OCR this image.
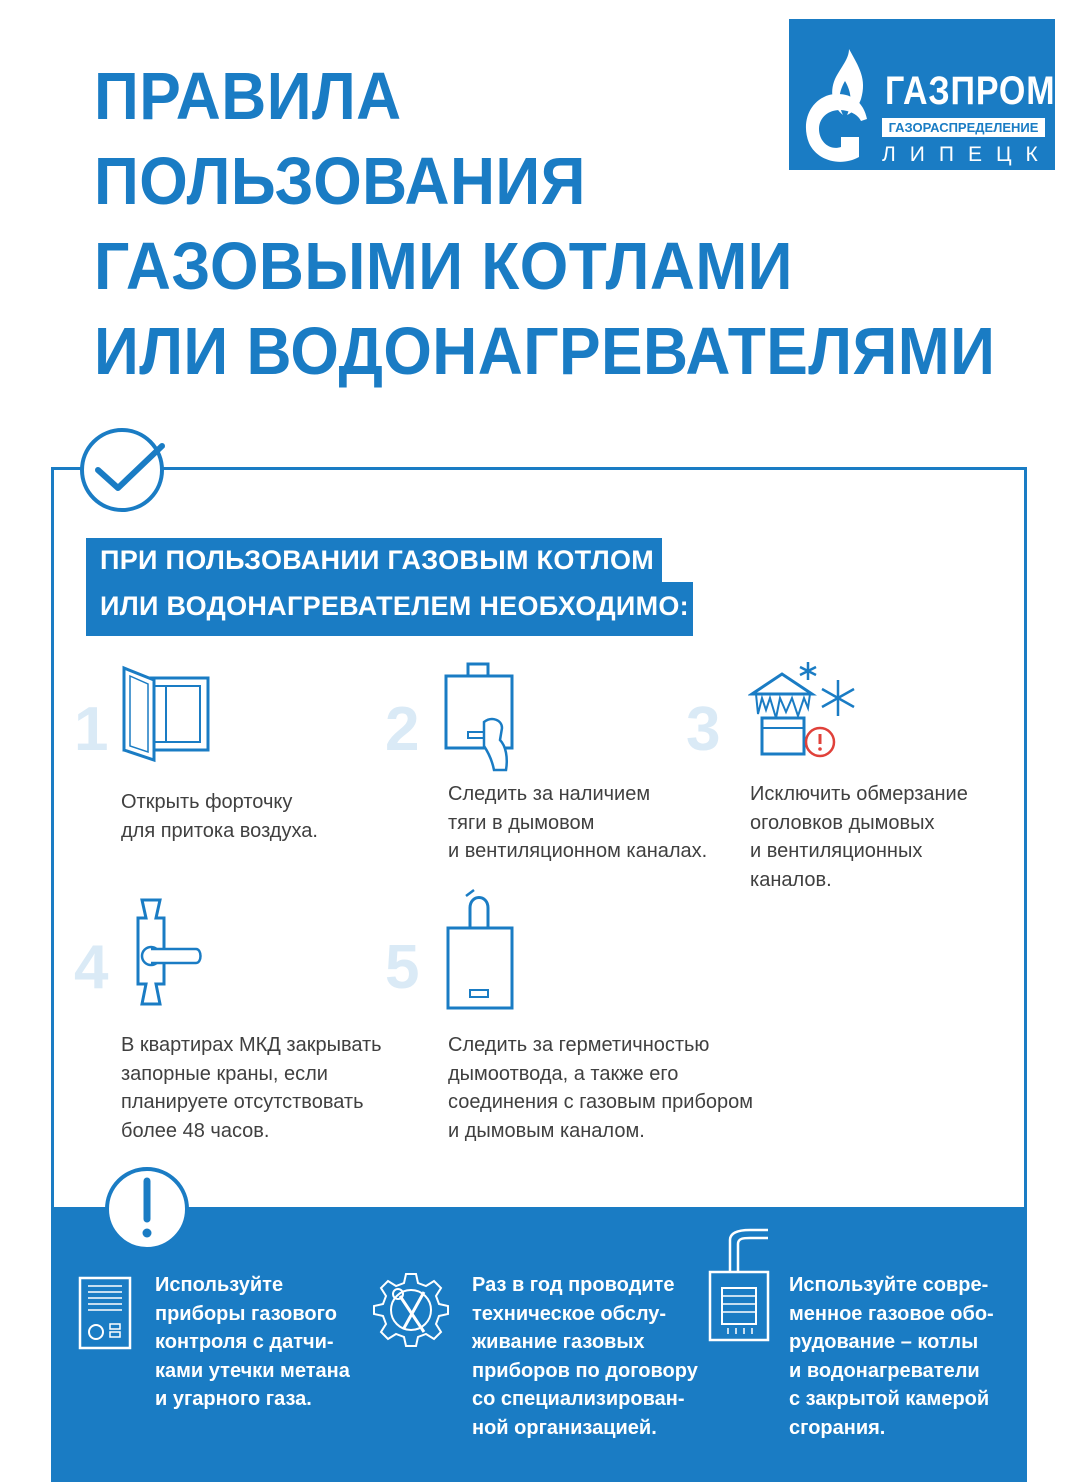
ПРАВИЛА
ПОЛЬЗОВАНИЯ
ГАЗОВЫМИ КОТЛАМИ
ИЛИ ВОДОНАГРЕВАТЕЛЯМИ
ГАЗПРОМ
ГАЗОРАСПРЕДЕЛЕНИЕ
ЛИПЕЦК
ПРИ ПОЛЬЗОВАНИИ ГАЗОВЫМ КОТЛОМ
ИЛИ ВОДОНАГРЕВАТЕЛЕМ НЕОБХОДИМО:
1
Открыть форточку
для притока воздуха.
2
Следить за наличием
тяги в дымовом
и вентиляционном каналах.
3
Исключить обмерзание
оголовков дымовых
и вентиляционных
каналов.
4
В квартирах МКД закрывать
запорные краны, если
планируете отсутствовать
более 48 часов.
5
Следить за герметичностью
дымоотвода, а также его
соединения с газовым прибором
и дымовым каналом.
Используйте
приборы газового
контроля с датчи-
ками утечки метана
и угарного газа.
Раз в год проводите
техническое обслу-
живание газовых
приборов по договору
со специализирован-
ной организацией.
Используйте совре-
менное газовое обо-
рудование – котлы
и водонагреватели
с закрытой камерой
сгорания.
